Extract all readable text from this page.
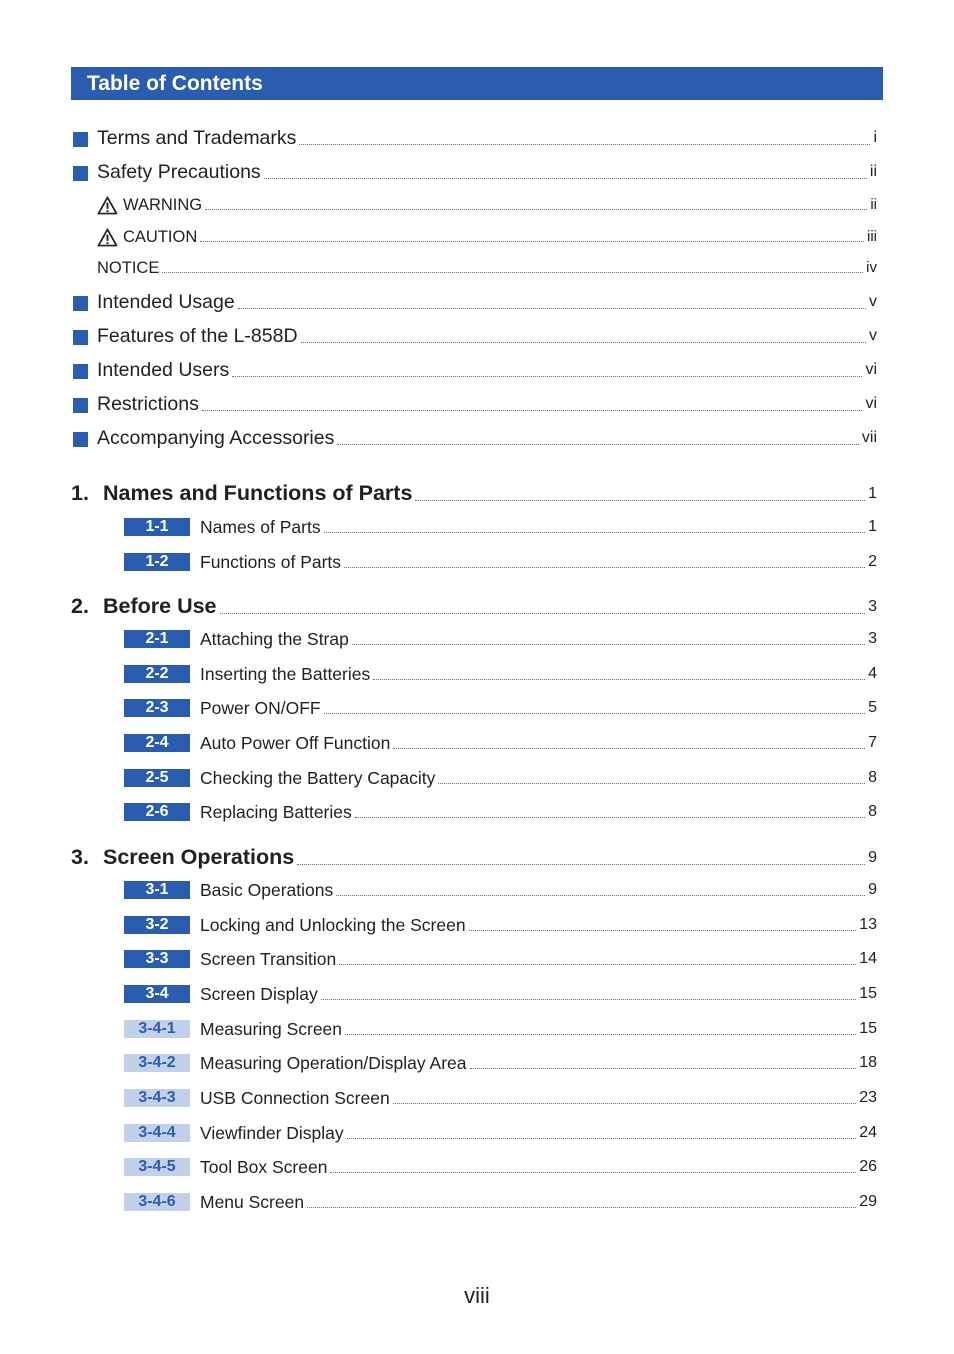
Table of Contents
Terms and Trademarks	i
Safety Precautions	ii
WARNING	ii
CAUTION	iii
NOTICE	iv
Intended Usage	v
Features of the L-858D	v
Intended Users	vi
Restrictions	vi
Accompanying Accessories	vii
1. Names and Functions of Parts	1
1-1	Names of Parts	1
1-2	Functions of Parts	2
2. Before Use	3
2-1	Attaching the Strap	3
2-2	Inserting the Batteries	4
2-3	Power ON/OFF	5
2-4	Auto Power Off Function	7
2-5	Checking the Battery Capacity	8
2-6	Replacing Batteries	8
3. Screen Operations	9
3-1	Basic Operations	9
3-2	Locking and Unlocking the Screen	13
3-3	Screen Transition	14
3-4	Screen Display	15
3-4-1	Measuring Screen	15
3-4-2	Measuring Operation/Display Area	18
3-4-3	USB Connection Screen	23
3-4-4	Viewfinder Display	24
3-4-5	Tool Box Screen	26
3-4-6	Menu Screen	29
viii
